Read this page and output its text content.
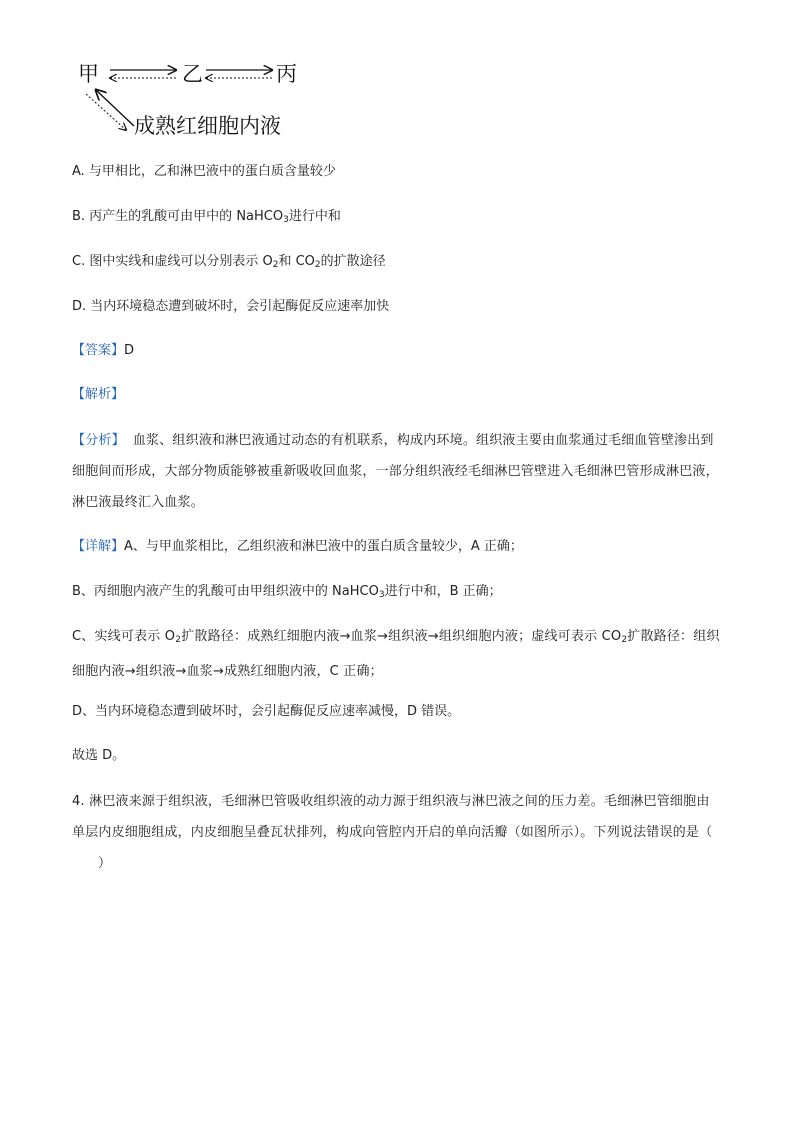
甲	乙	丙
成熟红细胞内液
A. 与甲相比，乙和淋巴液中的蛋白质含量较少
B. 丙产生的乳酸可由甲中的 NaHCO$_3$进行中和
C. 图中实线和虚线可以分别表示 $O_2$和 $CO_2$的扩散途径
D. 当内环境稳态遭到破坏时，会引起酶促反应速率加快
【答案】D
【解析】
【分析】 血浆、组织液和淋巴液通过动态的有机联系，构成内环境。组织液主要由血浆通过毛细血管壁渗出到细胞间而形成，大部分物质能够被重新吸收回血浆，一部分组织液经毛细淋巴管壁进入毛细淋巴管形成淋巴液，淋巴液最终汇入血浆。
【详解】A、与甲血浆相比，乙组织液和淋巴液中的蛋白质含量较少，A 正确；
B、丙细胞内液产生的乳酸可由甲组织液中的 NaHCO$_3$进行中和，B 正确；
C、实线可表示 $O_2$扩散路径：成熟红细胞内液→血浆→组织液→组织细胞内液；虚线可表示 $CO_2$扩散路径：组织细胞内液→组织液→血浆→成熟红细胞内液，C 正确；
D、当内环境稳态遭到破坏时，会引起酶促反应速率减慢，D 错误。
故选 D。
4. 淋巴液来源于组织液，毛细淋巴管吸收组织液的动力源于组织液与淋巴液之间的压力差。毛细淋巴管细胞由单层内皮细胞组成，内皮细胞呈叠瓦状排列，构成向管腔内开启的单向活瓣（如图所示）。下列说法错误的是（）
